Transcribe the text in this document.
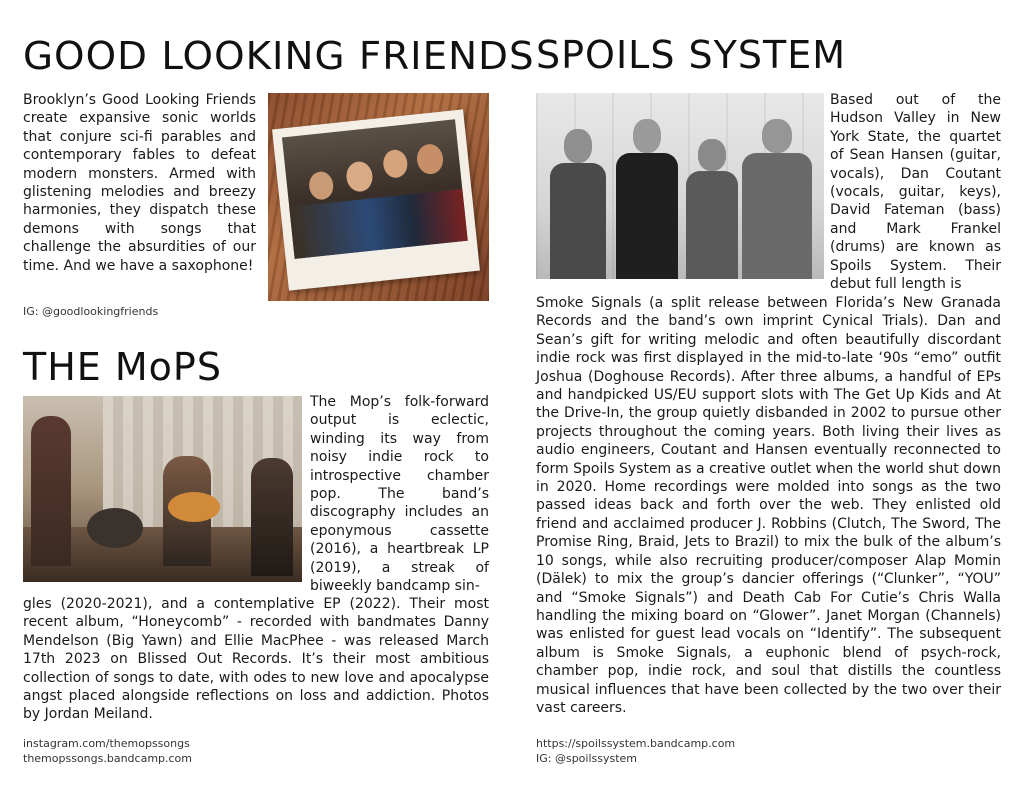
GOOD LOOKING FRIENDS

Brooklyn’s Good Looking Friends create expansive sonic worlds that conjure sci-fi parables and contemporary fables to defeat modern monsters. Armed with glistening melodies and breezy harmonies, they dispatch these demons with songs that challenge the absurdities of our time. And we have a saxophone!

IG: @goodlookingfriends

THE MoPS

The Mop’s folk-forward output is eclectic, winding its way from noisy indie rock to introspective chamber pop. The band’s discography includes an eponymous cassette (2016), a heartbreak LP (2019), a streak of biweekly bandcamp sin-

gles (2020-2021), and a contemplative EP (2022). Their most recent album, “Honeycomb” - recorded with bandmates Danny Mendelson (Big Yawn) and Ellie MacPhee - was released March 17th 2023 on Blissed Out Records. It’s their most ambitious collection of songs to date, with odes to new love and apocalypse angst placed alongside reflections on loss and addiction. Photos by Jordan Meiland.

instagram.com/themopssongs
themopssongs.bandcamp.com
SPOILS SYSTEM

Based out of the Hudson Valley in New York State, the quartet of Sean Hansen (guitar, vocals), Dan Coutant (vocals, guitar, keys), David Fateman (bass) and Mark Frankel (drums) are known as Spoils System. Their debut full length is

Smoke Signals (a split release between Florida’s New Granada Records and the band’s own imprint Cynical Trials). Dan and Sean’s gift for writing melodic and often beautifully discordant indie rock was first displayed in the mid-to-late ‘90s “emo” outfit Joshua (Doghouse Records). After three albums, a handful of EPs and handpicked US/EU support slots with The Get Up Kids and At the Drive-In, the group quietly disbanded in 2002 to pursue other projects throughout the coming years. Both living their lives as audio engineers, Coutant and Hansen eventually reconnected to form Spoils System as a creative outlet when the world shut down in 2020. Home recordings were molded into songs as the two passed ideas back and forth over the web. They enlisted old friend and acclaimed producer J. Robbins (Clutch, The Sword, The Promise Ring, Braid, Jets to Brazil) to mix the bulk of the album’s 10 songs, while also recruiting producer/composer Alap Momin (Dälek) to mix the group’s dancier offerings (“Clunker”, “YOU” and “Smoke Signals”) and Death Cab For Cutie’s Chris Walla handling the mixing board on “Glower”. Janet Morgan (Channels) was enlisted for guest lead vocals on “Identify”. The subsequent album is Smoke Signals, a euphonic blend of psych-rock, chamber pop, indie rock, and soul that distills the countless musical influences that have been collected by the two over their vast careers.

https://spoilssystem.bandcamp.com
IG: @spoilssystem
